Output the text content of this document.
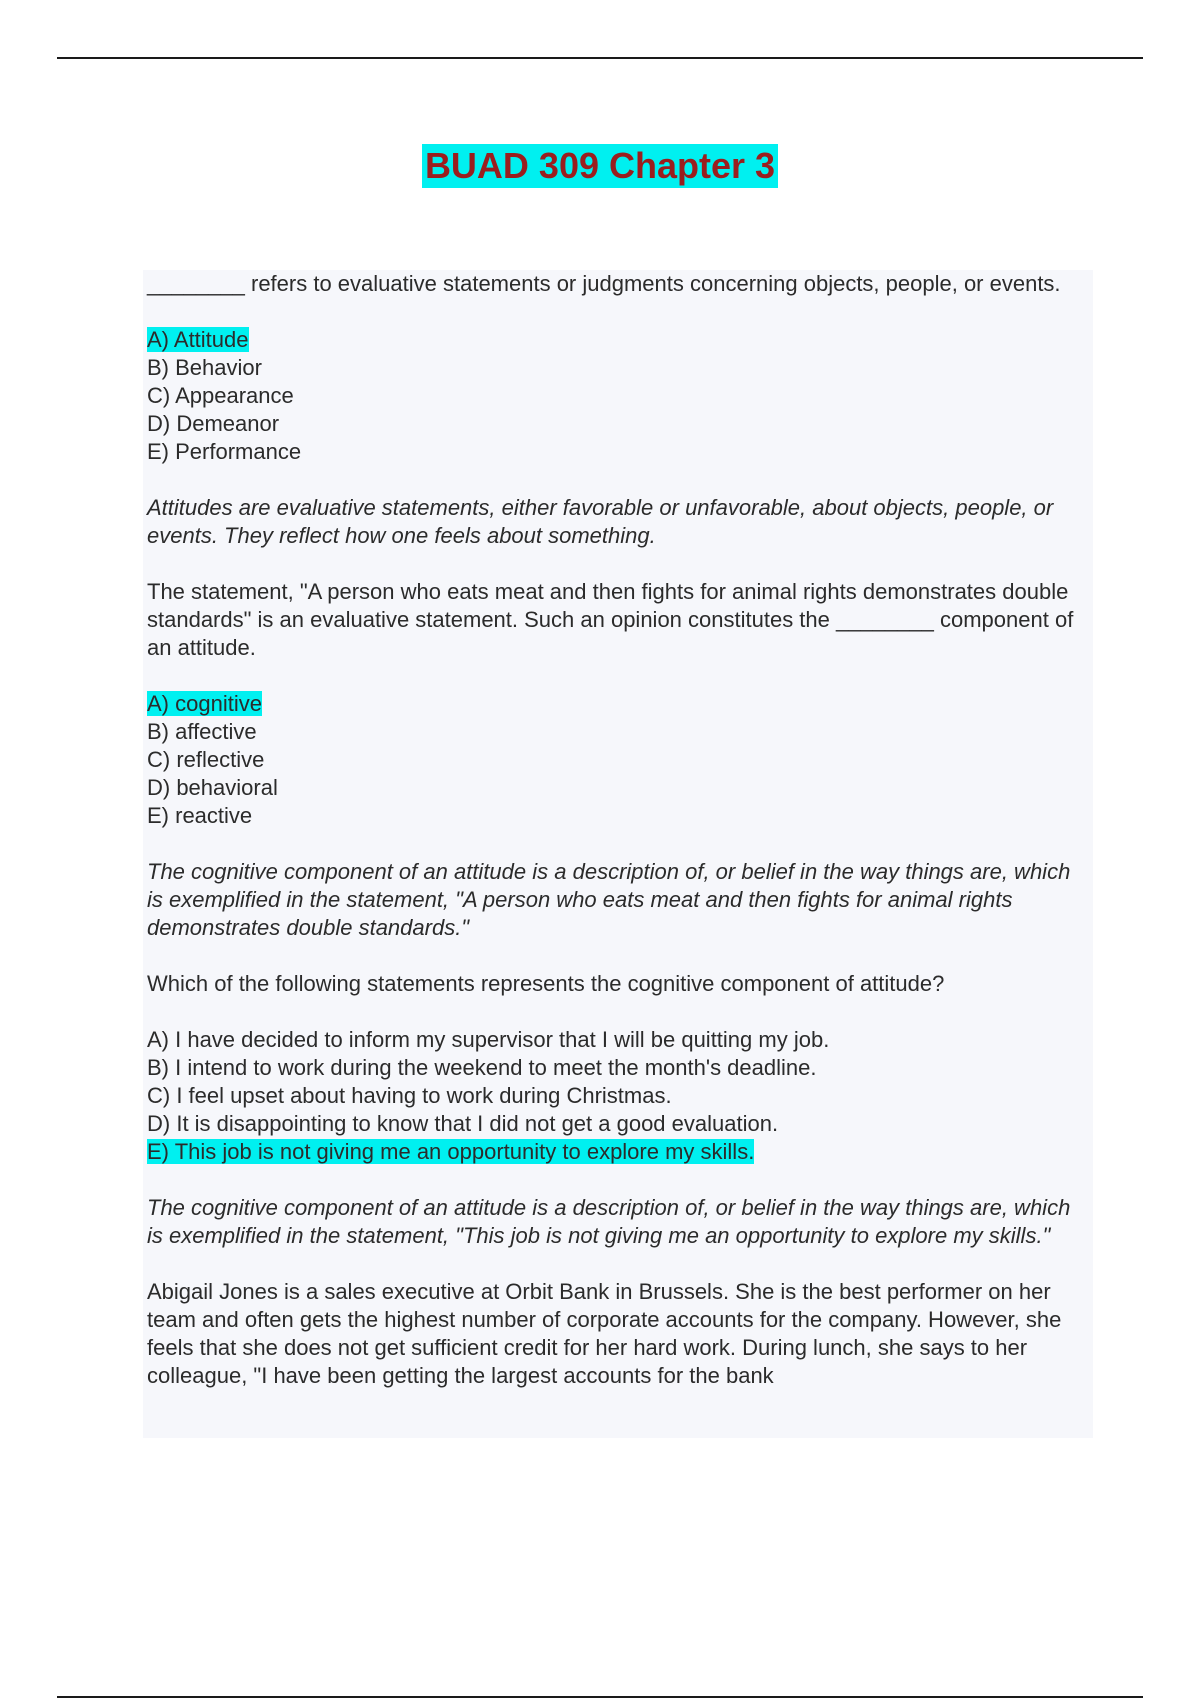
BUAD 309 Chapter 3

________ refers to evaluative statements or judgments concerning objects, people, or events.

A) Attitude
B) Behavior
C) Appearance
D) Demeanor
E) Performance

Attitudes are evaluative statements, either favorable or unfavorable, about objects, people, or events. They reflect how one feels about something.

The statement, "A person who eats meat and then fights for animal rights demonstrates double standards" is an evaluative statement. Such an opinion constitutes the ________ component of an attitude.

A) cognitive
B) affective
C) reflective
D) behavioral
E) reactive

The cognitive component of an attitude is a description of, or belief in the way things are, which is exemplified in the statement, "A person who eats meat and then fights for animal rights demonstrates double standards."

Which of the following statements represents the cognitive component of attitude?

A) I have decided to inform my supervisor that I will be quitting my job.
B) I intend to work during the weekend to meet the month's deadline.
C) I feel upset about having to work during Christmas.
D) It is disappointing to know that I did not get a good evaluation.
E) This job is not giving me an opportunity to explore my skills.

The cognitive component of an attitude is a description of, or belief in the way things are, which is exemplified in the statement, "This job is not giving me an opportunity to explore my skills."

Abigail Jones is a sales executive at Orbit Bank in Brussels. She is the best performer on her team and often gets the highest number of corporate accounts for the company. However, she feels that she does not get sufficient credit for her hard work. During lunch, she says to her colleague, "I have been getting the largest accounts for the bank
